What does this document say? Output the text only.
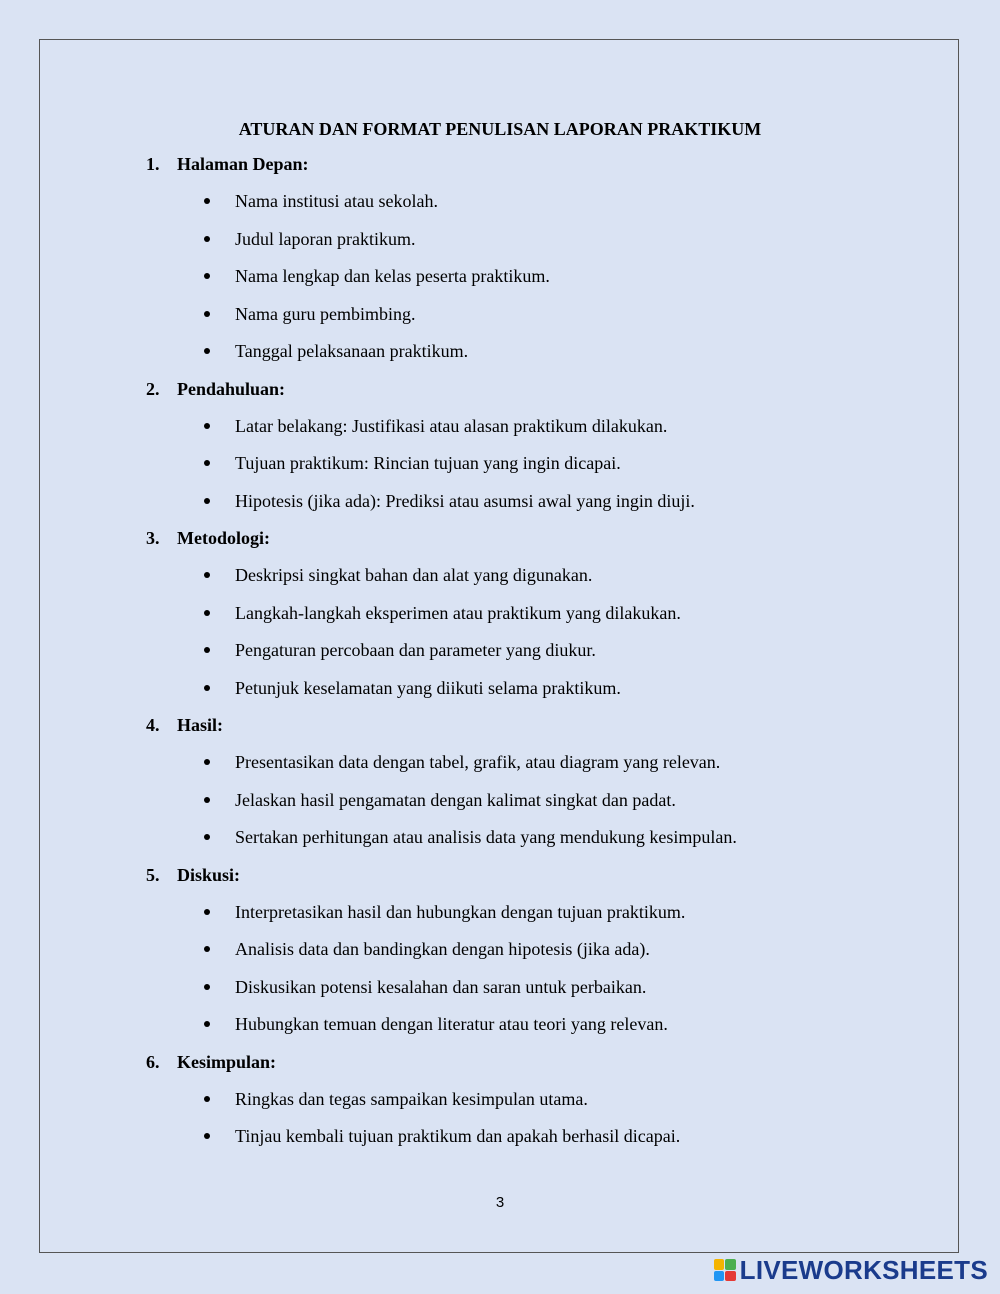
ATURAN DAN FORMAT PENULISAN LAPORAN PRAKTIKUM
1. Halaman Depan:
Nama institusi atau sekolah.
Judul laporan praktikum.
Nama lengkap dan kelas peserta praktikum.
Nama guru pembimbing.
Tanggal pelaksanaan praktikum.
2. Pendahuluan:
Latar belakang: Justifikasi atau alasan praktikum dilakukan.
Tujuan praktikum: Rincian tujuan yang ingin dicapai.
Hipotesis (jika ada): Prediksi atau asumsi awal yang ingin diuji.
3. Metodologi:
Deskripsi singkat bahan dan alat yang digunakan.
Langkah-langkah eksperimen atau praktikum yang dilakukan.
Pengaturan percobaan dan parameter yang diukur.
Petunjuk keselamatan yang diikuti selama praktikum.
4. Hasil:
Presentasikan data dengan tabel, grafik, atau diagram yang relevan.
Jelaskan hasil pengamatan dengan kalimat singkat dan padat.
Sertakan perhitungan atau analisis data yang mendukung kesimpulan.
5. Diskusi:
Interpretasikan hasil dan hubungkan dengan tujuan praktikum.
Analisis data dan bandingkan dengan hipotesis (jika ada).
Diskusikan potensi kesalahan dan saran untuk perbaikan.
Hubungkan temuan dengan literatur atau teori yang relevan.
6. Kesimpulan:
Ringkas dan tegas sampaikan kesimpulan utama.
Tinjau kembali tujuan praktikum dan apakah berhasil dicapai.
3
LIVEWORKSHEETS
